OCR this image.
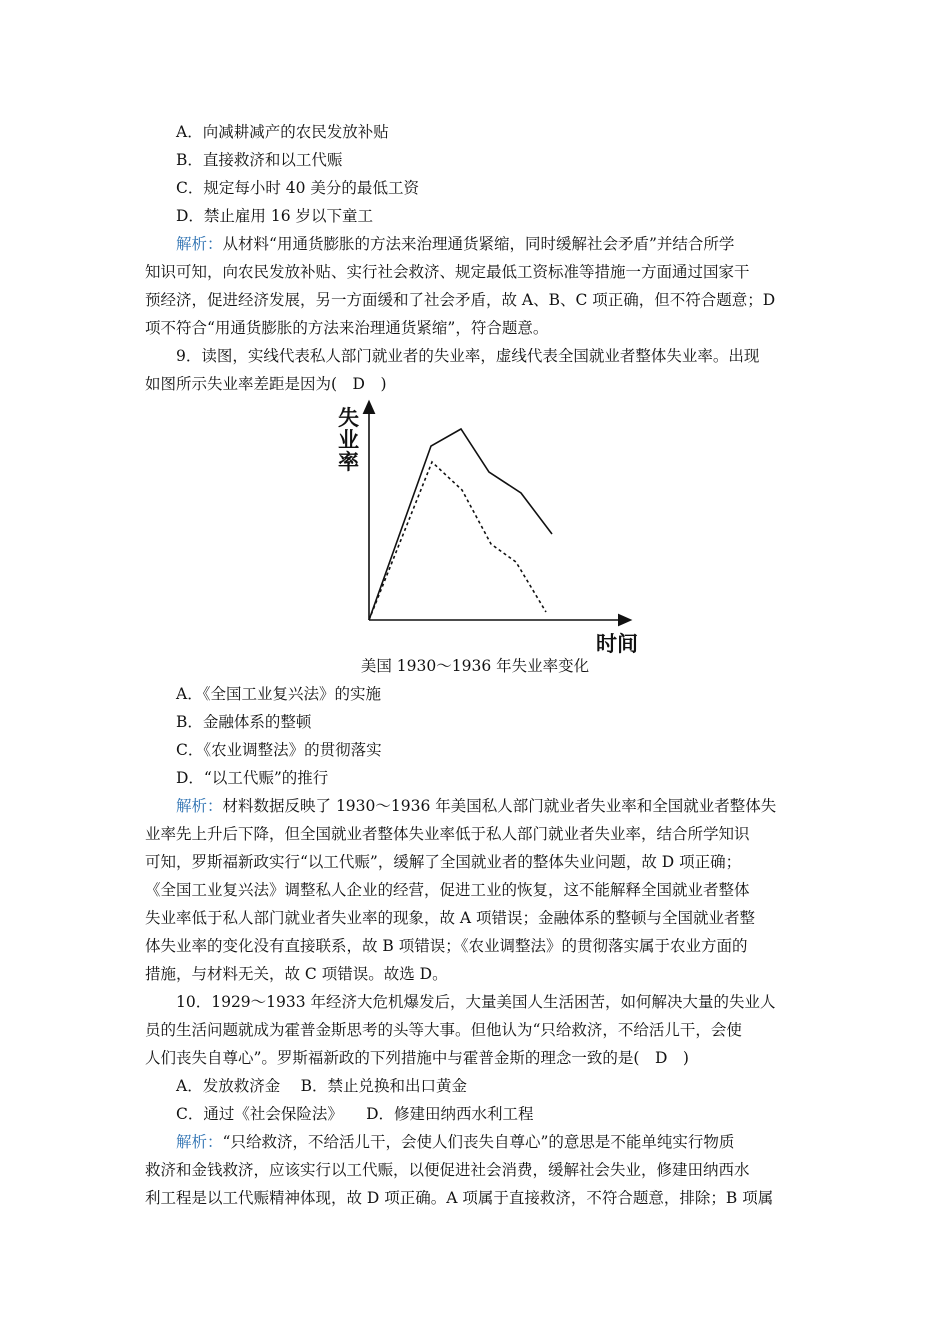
A．向减耕减产的农民发放补贴
B．直接救济和以工代赈
C．规定每小时 40 美分的最低工资
D．禁止雇用 16 岁以下童工
解析：从材料“用通货膨胀的方法来治理通货紧缩，同时缓解社会矛盾”并结合所学
知识可知，向农民发放补贴、实行社会救济、规定最低工资标准等措施一方面通过国家干
预经济，促进经济发展，另一方面缓和了社会矛盾，故 A、B、C 项正确，但不符合题意；D
项不符合“用通货膨胀的方法来治理通货紧缩”，符合题意。
9．读图，实线代表私人部门就业者的失业率，虚线代表全国就业者整体失业率。出现
如图所示失业率差距是因为(　D　)
失
业
率
时间
美国 1930～1936 年失业率变化
A．《全国工业复兴法》的实施
B．金融体系的整顿
C．《农业调整法》的贯彻落实
D．“以工代赈”的推行
解析：材料数据反映了 1930～1936 年美国私人部门就业者失业率和全国就业者整体失
业率先上升后下降，但全国就业者整体失业率低于私人部门就业者失业率，结合所学知识
可知，罗斯福新政实行“以工代赈”，缓解了全国就业者的整体失业问题，故 D 项正确；
《全国工业复兴法》调整私人企业的经营，促进工业的恢复，这不能解释全国就业者整体
失业率低于私人部门就业者失业率的现象，故 A 项错误；金融体系的整顿与全国就业者整
体失业率的变化没有直接联系，故 B 项错误；《农业调整法》的贯彻落实属于农业方面的
措施，与材料无关，故 C 项错误。故选 D。
10．1929～1933 年经济大危机爆发后，大量美国人生活困苦，如何解决大量的失业人
员的生活问题就成为霍普金斯思考的头等大事。但他认为“只给救济，不给活儿干，会使
人们丧失自尊心”。罗斯福新政的下列措施中与霍普金斯的理念一致的是(　D　)
A．发放救济金　 B．禁止兑换和出口黄金
C．通过《社会保险法》　　D．修建田纳西水利工程
解析：“只给救济，不给活儿干，会使人们丧失自尊心”的意思是不能单纯实行物质
救济和金钱救济，应该实行以工代赈，以便促进社会消费，缓解社会失业，修建田纳西水
利工程是以工代赈精神体现，故 D 项正确。A 项属于直接救济，不符合题意，排除；B 项属
